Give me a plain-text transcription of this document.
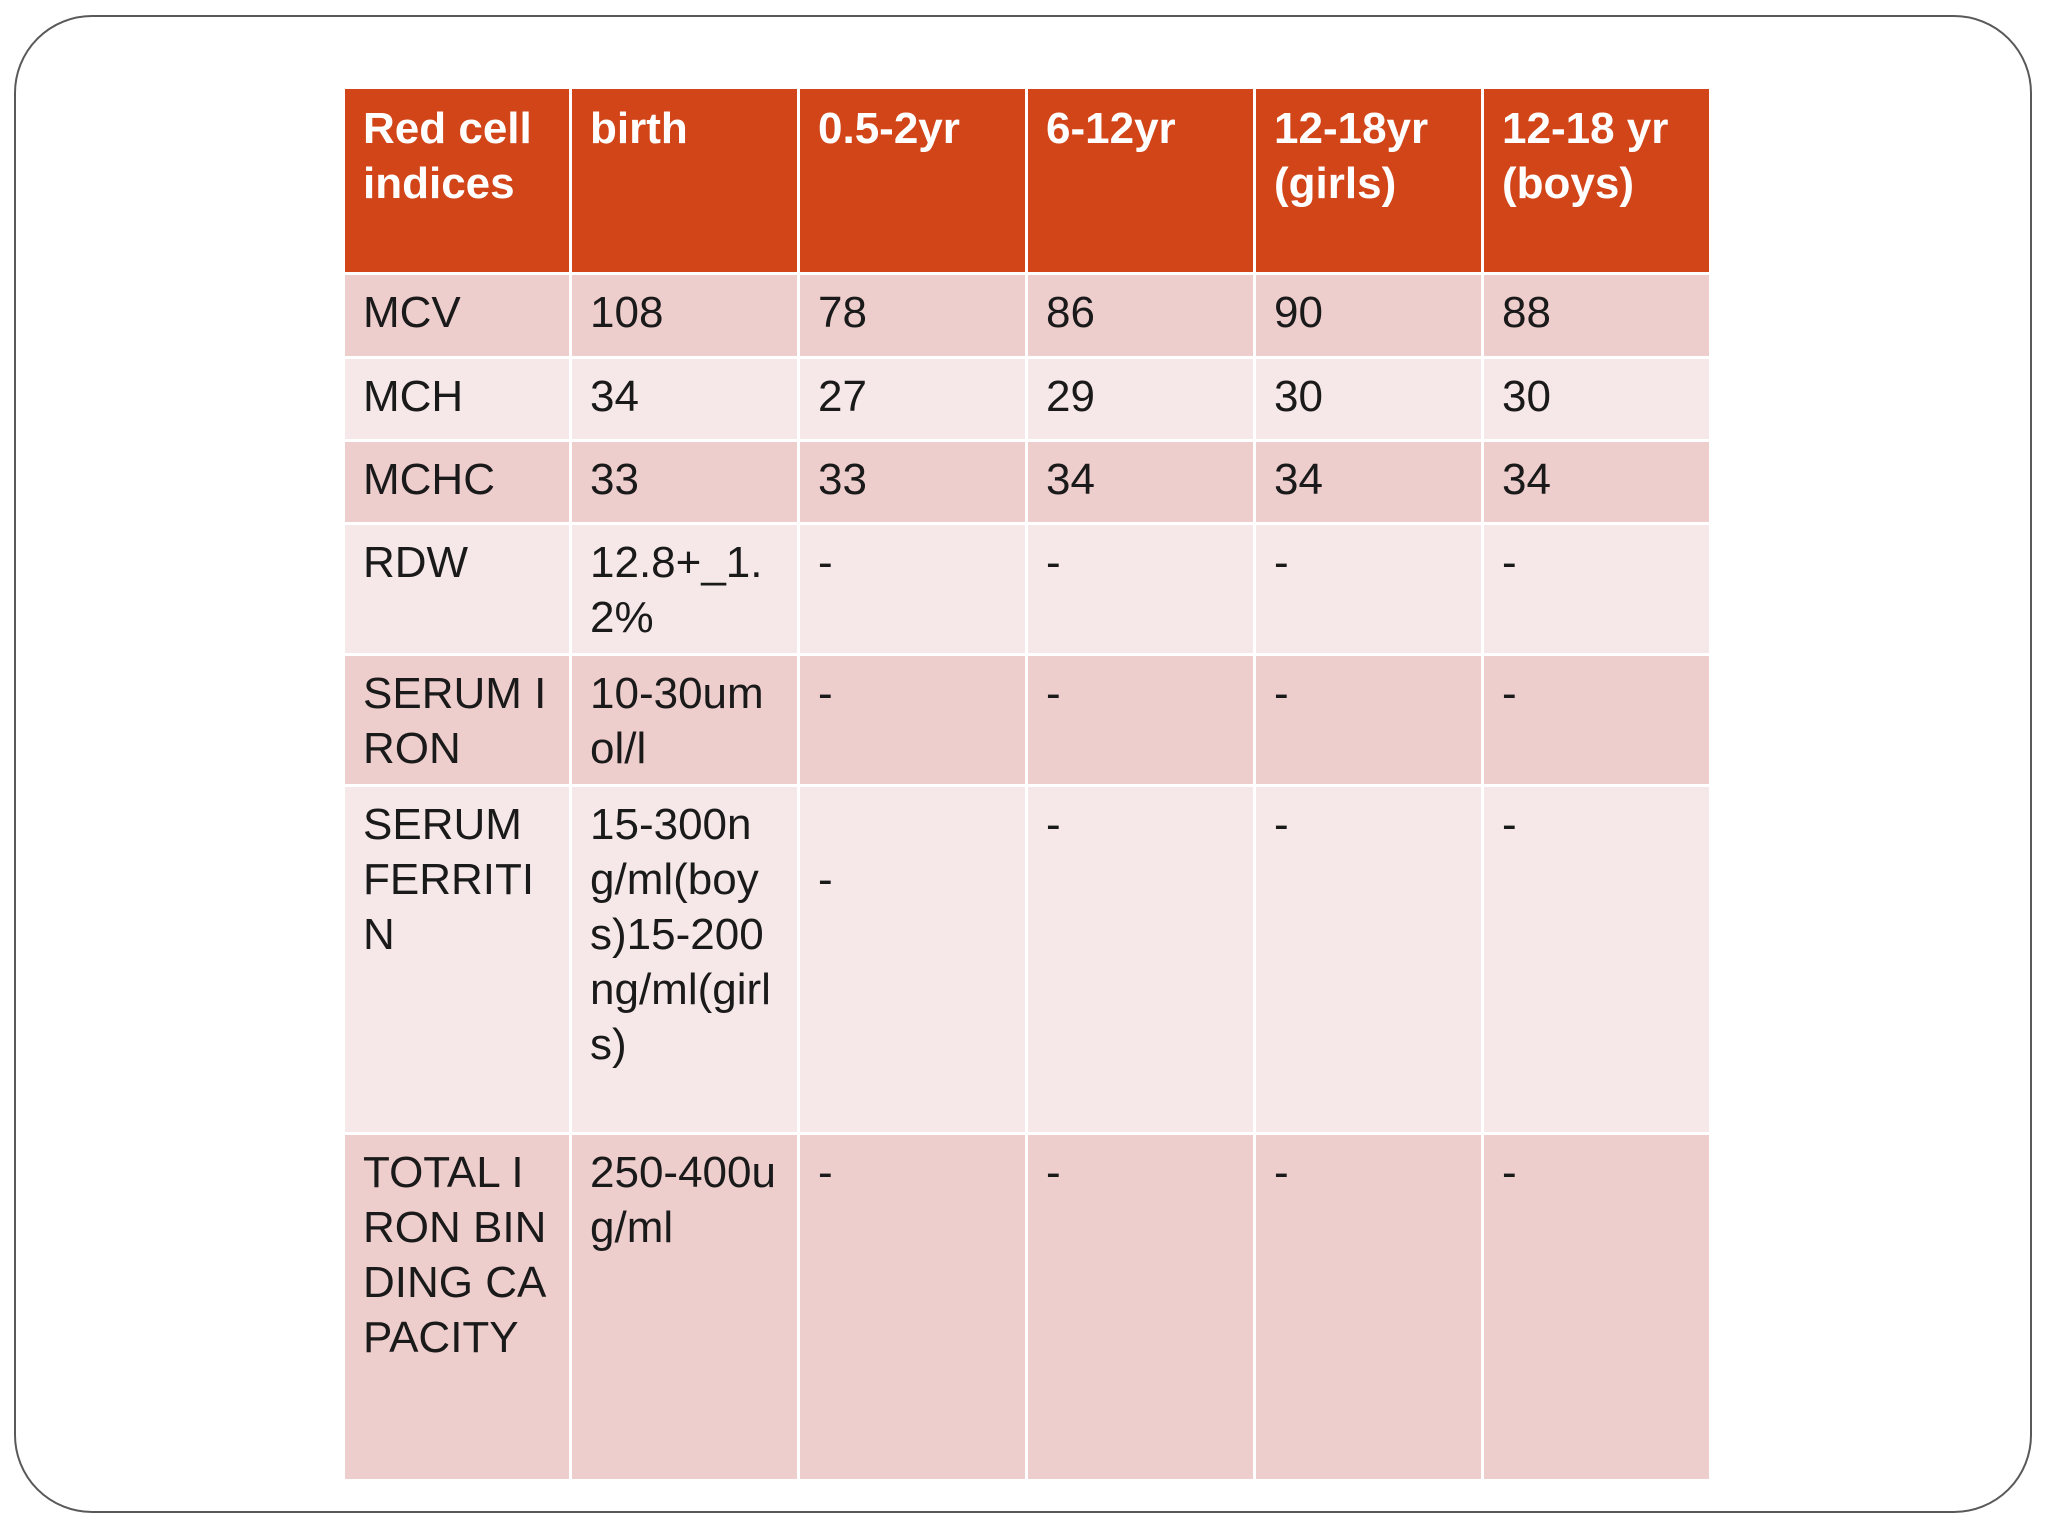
Red cell indices	birth	0.5-2yr	6-12yr	12-18yr(girls)	12-18 yr(boys)
MCV	108	78	86	90	88
MCH	34	27	29	30	30
MCHC	33	33	34	34	34
RDW	12.8+_1.2%	-	-	-	-
SERUM IRON	10-30umol/l	-	-	-	-
SERUM FERRITIN	15-300ng/ml(boys)15-200ng/ml(girls)	-	-	-	-
TOTAL IRON BINDING CAPACITY	250-400ug/ml	-	-	-	-
